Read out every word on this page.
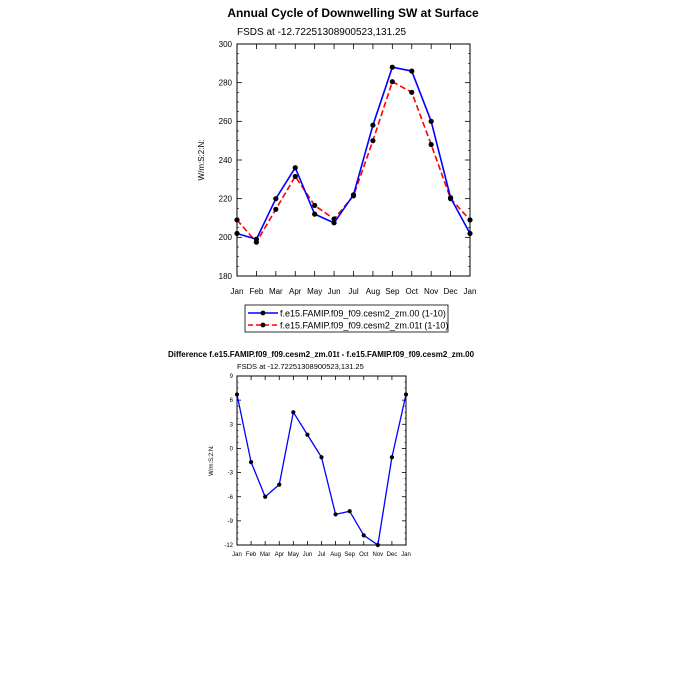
Annual Cycle of Downwelling SW at Surface
FSDS at -12.72251308900523,131.25
180
200
220
240
260
280
300
Jan Feb Mar Apr May Jun Jul Aug Sep Oct Nov Dec Jan
W/m:S:2:N:
f.e15.FAMIP.f09_f09.cesm2_zm.00 (1-10)
f.e15.FAMIP.f09_f09.cesm2_zm.01t (1-10)
Difference f.e15.FAMIP.f09_f09.cesm2_zm.01t - f.e15.FAMIP.f09_f09.cesm2_zm.00
FSDS at -12.72251308900523,131.25
-12
-9
-6
-3
0
3
6
9
Jan Feb Mar Apr May Jun Jul Aug Sep Oct Nov Dec Jan
W/m:S:2:N:
